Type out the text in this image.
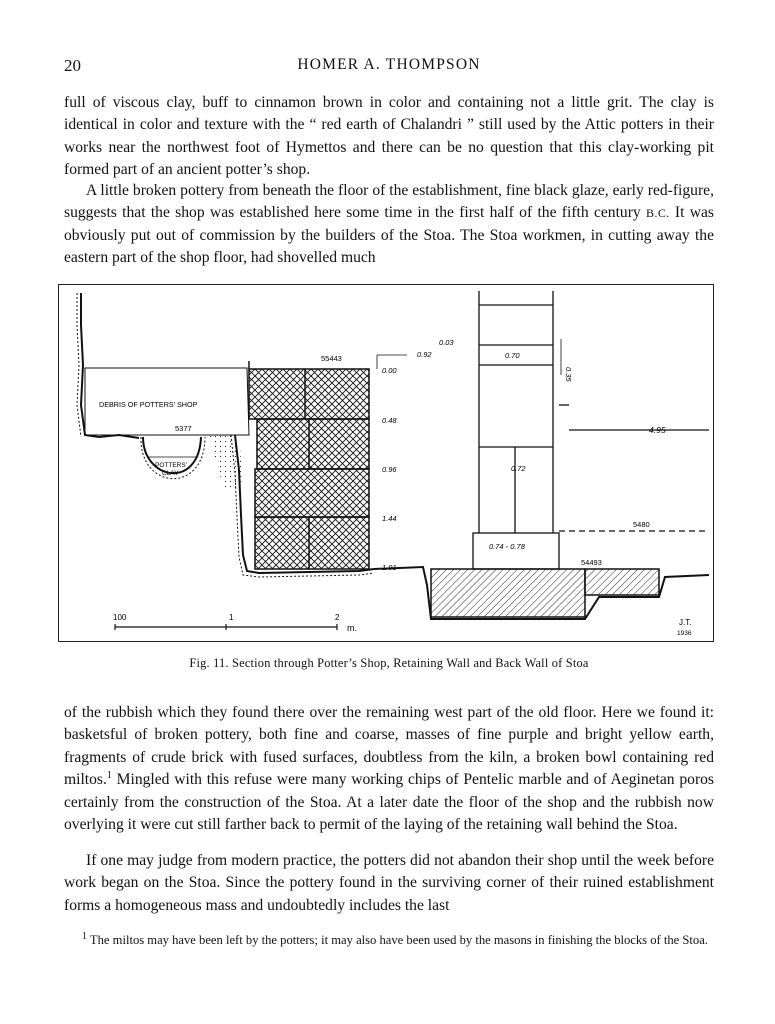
20	HOMER A. THOMPSON

full of viscous clay, buff to cinnamon brown in color and containing not a little grit. The clay is identical in color and texture with the “ red earth of Chalandri ” still used by the Attic potters in their works near the northwest foot of Hymettos and there can be no question that this clay-working pit formed part of an ancient potter’s shop.

A little broken pottery from beneath the floor of the establishment, fine black glaze, early red-figure, suggests that the shop was established here some time in the first half of the fifth century B.C. It was obviously put out of commission by the builders of the Stoa. The Stoa workmen, in cutting away the eastern part of the shop floor, had shovelled much

DEBRIS OF POTTERS’ SHOP
5377
POTTERS’
CLAY
55443
0.00
0.48
0.96
1.44
1.91
0.92
0.03
0.70
0.35
4.95
0.72
0.74 - 0.78
5480
54493
100	1	2
m.
J.T.
1936
Fig. 11. Section through Potter’s Shop, Retaining Wall and Back Wall of Stoa

of the rubbish which they found there over the remaining west part of the old floor. Here we found it: basketsful of broken pottery, both fine and coarse, masses of fine purple and bright yellow earth, fragments of crude brick with fused surfaces, doubtless from the kiln, a broken bowl containing red miltos.$^1$ Mingled with this refuse were many working chips of Pentelic marble and of Aeginetan poros certainly from the construction of the Stoa. At a later date the floor of the shop and the rubbish now overlying it were cut still farther back to permit of the laying of the retaining wall behind the Stoa.

If one may judge from modern practice, the potters did not abandon their shop until the week before work began on the Stoa. Since the pottery found in the surviving corner of their ruined establishment forms a homogeneous mass and undoubtedly includes the last

$^1$ The miltos may have been left by the potters; it may also have been used by the masons in finishing the blocks of the Stoa.
